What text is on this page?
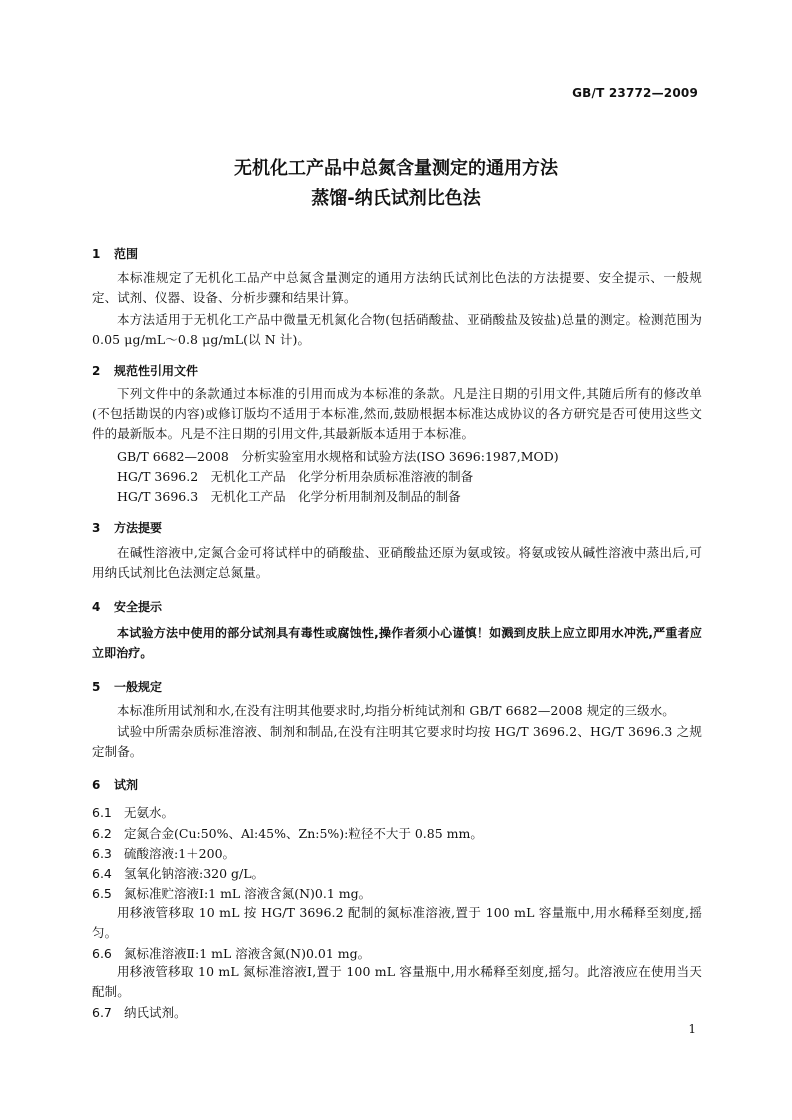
GB/T 23772—2009
无机化工产品中总氮含量测定的通用方法
蒸馏-纳氏试剂比色法
1 范围
本标准规定了无机化工品产中总氮含量测定的通用方法纳氏试剂比色法的方法提要、安全提示、一般规定、试剂、仪器、设备、分析步骤和结果计算。
本方法适用于无机化工产品中微量无机氮化合物(包括硝酸盐、亚硝酸盐及铵盐)总量的测定。检测范围为 0.05 μg/mL～0.8 μg/mL(以 N 计)。
2 规范性引用文件
下列文件中的条款通过本标准的引用而成为本标准的条款。凡是注日期的引用文件,其随后所有的修改单(不包括勘误的内容)或修订版均不适用于本标准,然而,鼓励根据本标准达成协议的各方研究是否可使用这些文件的最新版本。凡是不注日期的引用文件,其最新版本适用于本标准。
GB/T 6682—2008　分析实验室用水规格和试验方法(ISO 3696:1987,MOD)
HG/T 3696.2　无机化工产品　化学分析用杂质标准溶液的制备
HG/T 3696.3　无机化工产品　化学分析用制剂及制品的制备
3 方法提要
在碱性溶液中,定氮合金可将试样中的硝酸盐、亚硝酸盐还原为氨或铵。将氨或铵从碱性溶液中蒸出后,可用纳氏试剂比色法测定总氮量。
4 安全提示
本试验方法中使用的部分试剂具有毒性或腐蚀性,操作者须小心谨慎！如溅到皮肤上应立即用水冲洗,严重者应立即治疗。
5 一般规定
本标准所用试剂和水,在没有注明其他要求时,均指分析纯试剂和 GB/T 6682—2008 规定的三级水。
试验中所需杂质标准溶液、制剂和制品,在没有注明其它要求时均按 HG/T 3696.2、HG/T 3696.3 之规定制备。
6 试剂
6.1 无氨水。
6.2 定氮合金(Cu:50%、Al:45%、Zn:5%):粒径不大于 0.85 mm。
6.3 硫酸溶液:1＋200。
6.4 氢氧化钠溶液:320 g/L。
6.5 氮标准贮溶液Ⅰ:1 mL 溶液含氮(N)0.1 mg。
用移液管移取 10 mL 按 HG/T 3696.2 配制的氮标准溶液,置于 100 mL 容量瓶中,用水稀释至刻度,摇匀。
6.6 氮标准溶液Ⅱ:1 mL 溶液含氮(N)0.01 mg。
用移液管移取 10 mL 氮标准溶液Ⅰ,置于 100 mL 容量瓶中,用水稀释至刻度,摇匀。此溶液应在使用当天配制。
6.7 纳氏试剂。
1
